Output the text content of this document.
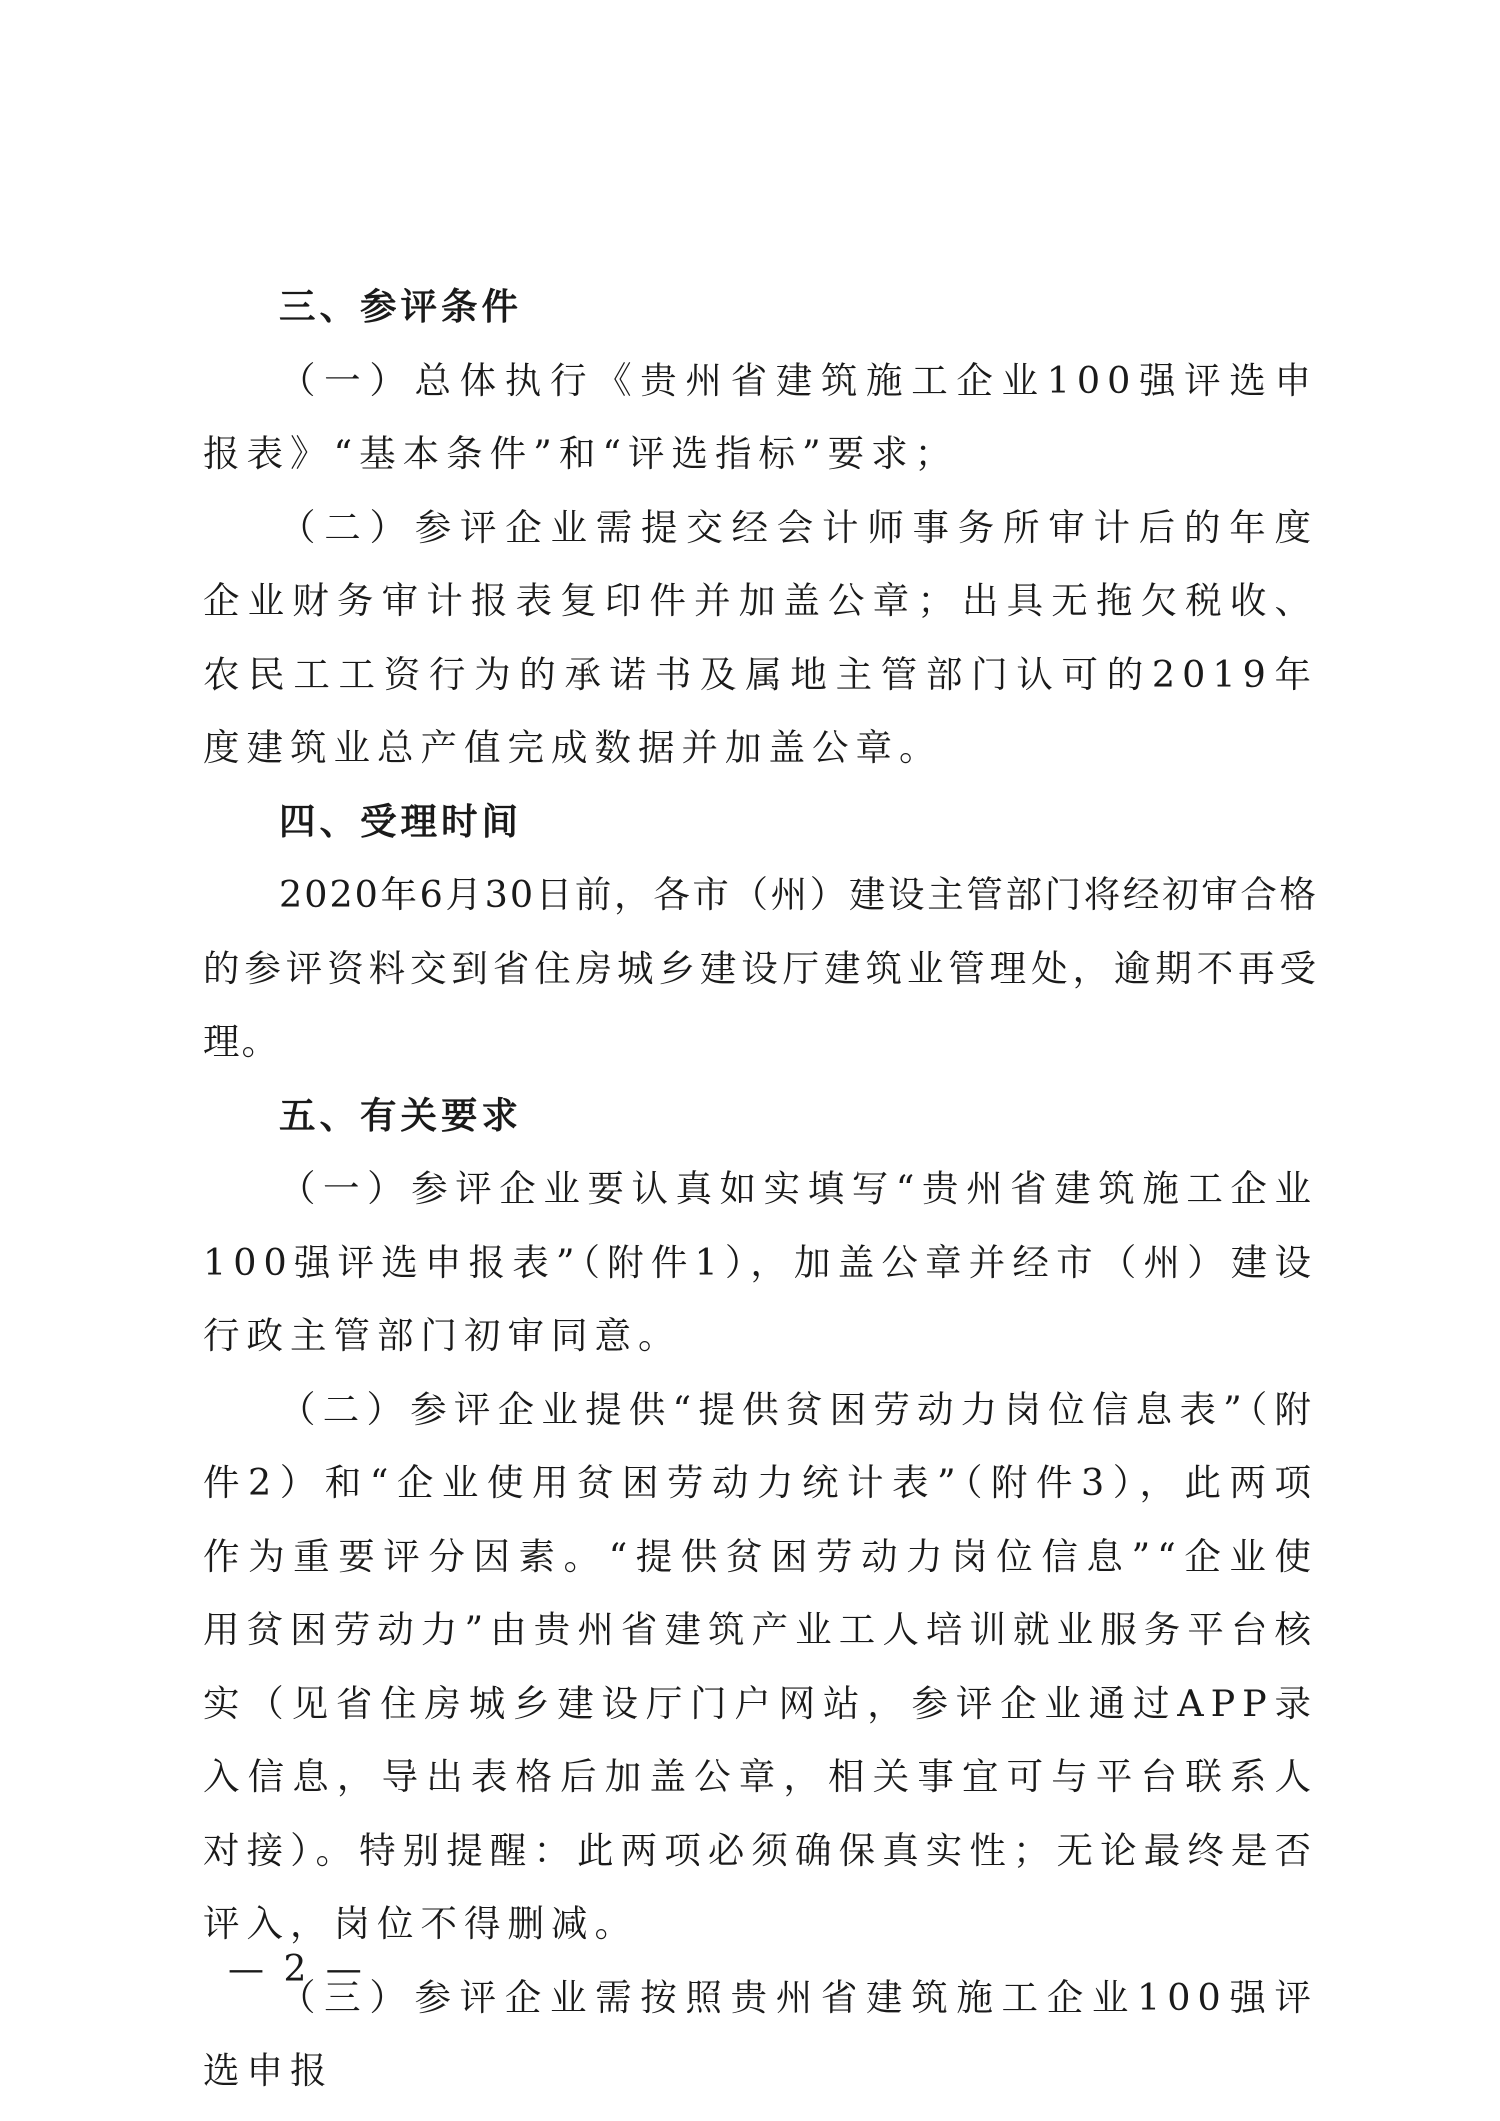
三、参评条件

（一）总体执行《贵州省建筑施工企业100强评选申报表》“基本条件”和“评选指标”要求；

（二）参评企业需提交经会计师事务所审计后的年度企业财务审计报表复印件并加盖公章；出具无拖欠税收、农民工工资行为的承诺书及属地主管部门认可的2019年度建筑业总产值完成数据并加盖公章。

四、受理时间

2020年6月30日前，各市（州）建设主管部门将经初审合格的参评资料交到省住房城乡建设厅建筑业管理处，逾期不再受理。

五、有关要求

（一）参评企业要认真如实填写“贵州省建筑施工企业100强评选申报表”（附件1），加盖公章并经市（州）建设行政主管部门初审同意。

（二）参评企业提供“提供贫困劳动力岗位信息表”（附件2）和“企业使用贫困劳动力统计表”（附件3），此两项作为重要评分因素。“提供贫困劳动力岗位信息”“企业使用贫困劳动力”由贵州省建筑产业工人培训就业服务平台核实（见省住房城乡建设厅门户网站，参评企业通过APP录入信息，导出表格后加盖公章，相关事宜可与平台联系人对接）。特别提醒：此两项必须确保真实性；无论最终是否评入，岗位不得删减。

（三）参评企业需按照贵州省建筑施工企业100强评选申报

— 2 —
